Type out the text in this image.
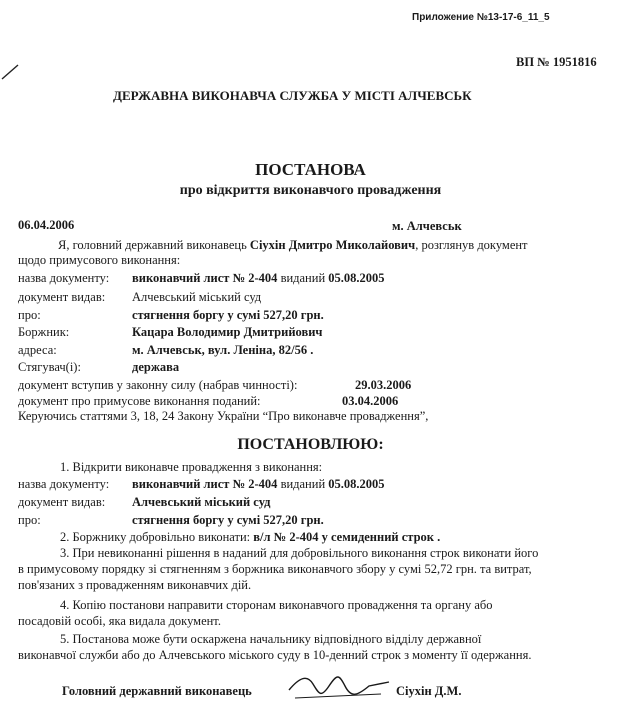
Приложение №13-17-6_11_5
ВП № 1951816
ДЕРЖАВНА ВИКОНАВЧА СЛУЖБА У МІСТІ АЛЧЕВСЬК
ПОСТАНОВА
про відкриття виконавчого провадження
06.04.2006	м. Алчевськ
Я, головний державний виконавець Сіухін Дмитро Миколайович, розглянув документ
щодо примусового виконання:
назва документу: виконавчий лист № 2-404 виданий 05.08.2005
документ видав: Алчевський міський суд
про:	стягнення боргу у сумі 527,20 грн.
Боржник:	Кацара Володимир Дмитрийович
адреса:	м. Алчевськ, вул. Леніна, 82/56 .
Стягувач(і):	держава
документ вступив у законну силу (набрав чинності):	29.03.2006
документ про примусове виконання поданий:	03.04.2006
Керуючись статтями 3, 18, 24 Закону України “Про виконавче провадження”,
ПОСТАНОВЛЮЮ:
1. Відкрити виконавче провадження з виконання:
назва документу: виконавчий лист № 2-404 виданий 05.08.2005
документ видав: Алчевський міський суд
про:	стягнення боргу у сумі 527,20 грн.
2. Боржнику добровільно виконати: в/л № 2-404 у семиденний строк .
3. При невиконанні рішення в наданий для добровільного виконання строк виконати його
в примусовому порядку зі стягненням з боржника виконавчого збору у сумі 52,72 грн. та витрат,
пов'язаних з провадженням виконавчих дій.
4. Копію постанови направити сторонам виконавчого провадження та органу або
посадовій особі, яка видала документ.
5. Постанова може бути оскаржена начальнику відповідного відділу державної
виконавчої служби або до Алчевського міського суду в 10-денний строк з моменту її одержання.
Головний державний виконавець	Сіухін Д.М.
